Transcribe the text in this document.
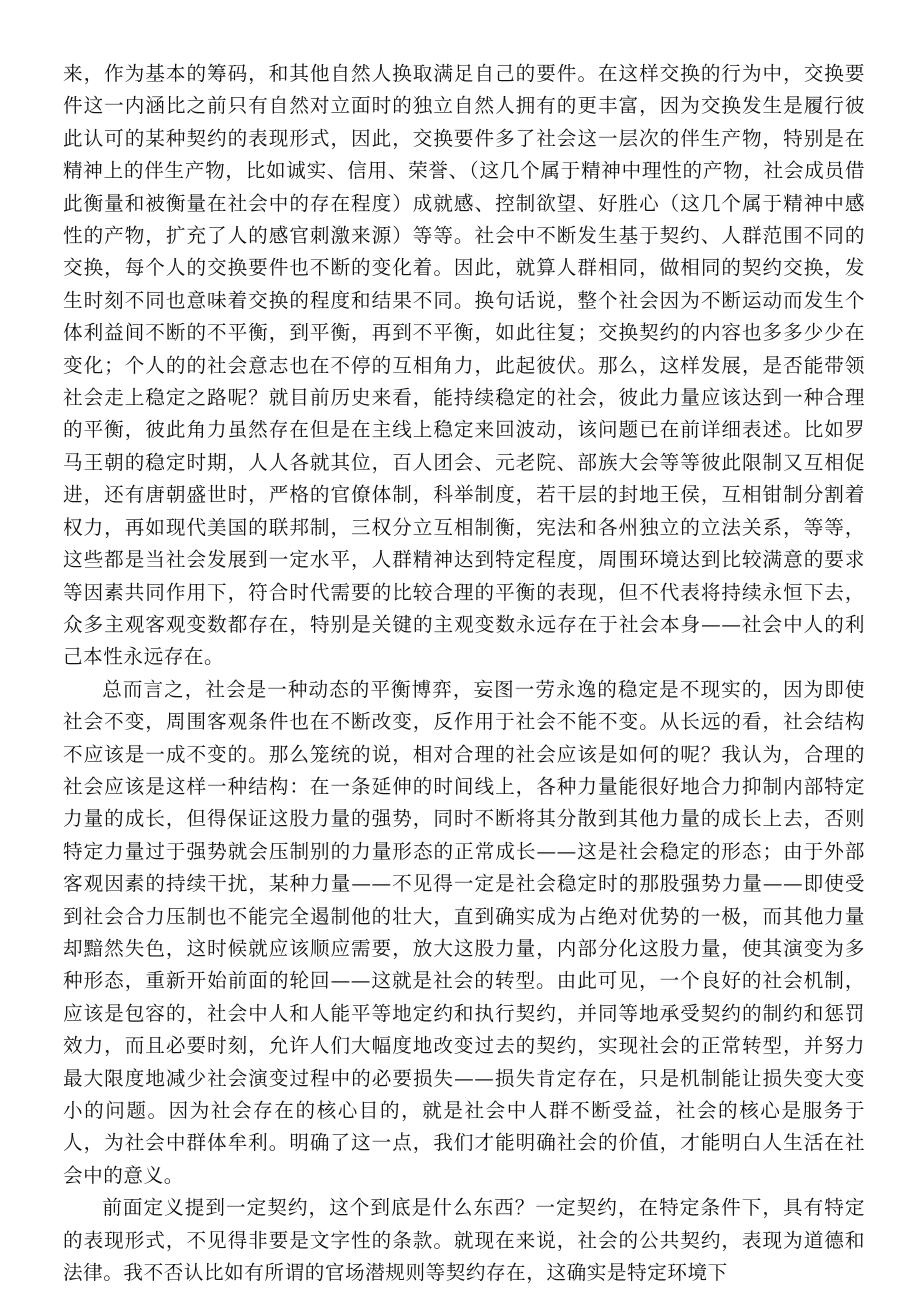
来，作为基本的筹码，和其他自然人换取满足自己的要件。在这样交换的行为中，交换要件这一内涵比之前只有自然对立面时的独立自然人拥有的更丰富，因为交换发生是履行彼此认可的某种契约的表现形式，因此，交换要件多了社会这一层次的伴生产物，特别是在精神上的伴生产物，比如诚实、信用、荣誉、（这几个属于精神中理性的产物，社会成员借此衡量和被衡量在社会中的存在程度）成就感、控制欲望、好胜心（这几个属于精神中感性的产物，扩充了人的感官刺激来源）等等。社会中不断发生基于契约、人群范围不同的交换，每个人的交换要件也不断的变化着。因此，就算人群相同，做相同的契约交换，发生时刻不同也意味着交换的程度和结果不同。换句话说，整个社会因为不断运动而发生个体利益间不断的不平衡，到平衡，再到不平衡，如此往复；交换契约的内容也多多少少在变化；个人的的社会意志也在不停的互相角力，此起彼伏。那么，这样发展，是否能带领社会走上稳定之路呢？就目前历史来看，能持续稳定的社会，彼此力量应该达到一种合理的平衡，彼此角力虽然存在但是在主线上稳定来回波动，该问题已在前详细表述。比如罗马王朝的稳定时期，人人各就其位，百人团会、元老院、部族大会等等彼此限制又互相促进，还有唐朝盛世时，严格的官僚体制，科举制度，若干层的封地王侯，互相钳制分割着权力，再如现代美国的联邦制，三权分立互相制衡，宪法和各州独立的立法关系，等等，这些都是当社会发展到一定水平，人群精神达到特定程度，周围环境达到比较满意的要求等因素共同作用下，符合时代需要的比较合理的平衡的表现，但不代表将持续永恒下去，众多主观客观变数都存在，特别是关键的主观变数永远存在于社会本身——社会中人的利己本性永远存在。

总而言之，社会是一种动态的平衡博弈，妄图一劳永逸的稳定是不现实的，因为即使社会不变，周围客观条件也在不断改变，反作用于社会不能不变。从长远的看，社会结构不应该是一成不变的。那么笼统的说，相对合理的社会应该是如何的呢？我认为，合理的社会应该是这样一种结构：在一条延伸的时间线上，各种力量能很好地合力抑制内部特定力量的成长，但得保证这股力量的强势，同时不断将其分散到其他力量的成长上去，否则特定力量过于强势就会压制别的力量形态的正常成长——这是社会稳定的形态；由于外部客观因素的持续干扰，某种力量——不见得一定是社会稳定时的那股强势力量——即使受到社会合力压制也不能完全遏制他的壮大，直到确实成为占绝对优势的一极，而其他力量却黯然失色，这时候就应该顺应需要，放大这股力量，内部分化这股力量，使其演变为多种形态，重新开始前面的轮回——这就是社会的转型。由此可见，一个良好的社会机制，应该是包容的，社会中人和人能平等地定约和执行契约，并同等地承受契约的制约和惩罚效力，而且必要时刻，允许人们大幅度地改变过去的契约，实现社会的正常转型，并努力最大限度地减少社会演变过程中的必要损失——损失肯定存在，只是机制能让损失变大变小的问题。因为社会存在的核心目的，就是社会中人群不断受益，社会的核心是服务于人，为社会中群体牟利。明确了这一点，我们才能明确社会的价值，才能明白人生活在社会中的意义。

前面定义提到一定契约，这个到底是什么东西？一定契约，在特定条件下，具有特定的表现形式，不见得非要是文字性的条款。就现在来说，社会的公共契约，表现为道德和法律。我不否认比如有所谓的官场潜规则等契约存在，这确实是特定环境下
